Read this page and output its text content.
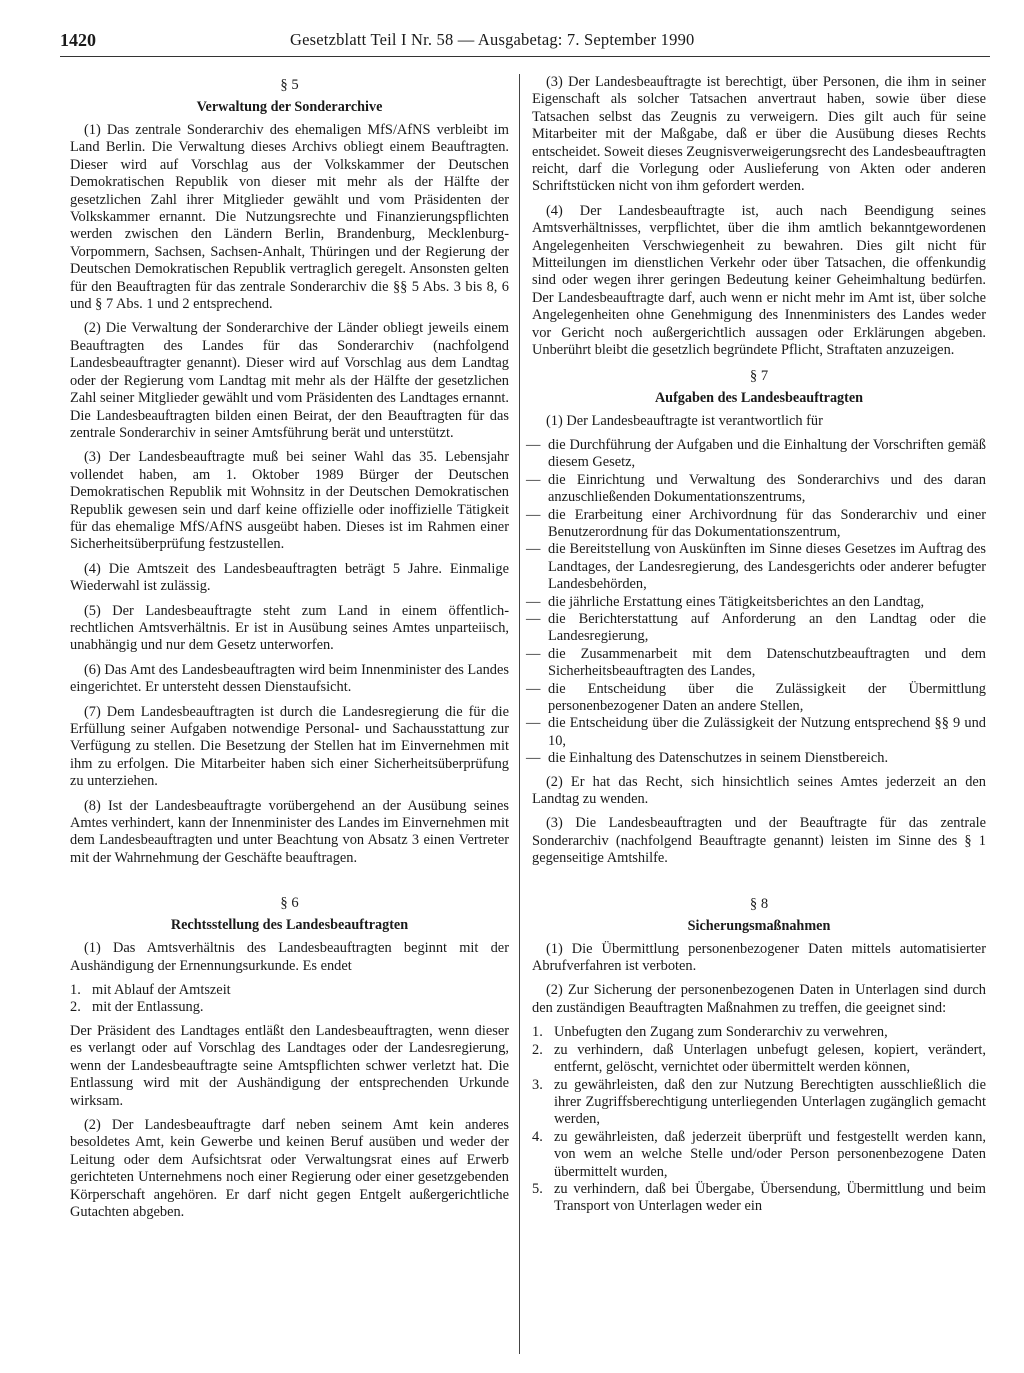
1420	Gesetzblatt Teil I Nr. 58 — Ausgabetag: 7. September 1990
§ 5
Verwaltung der Sonderarchive

(1) Das zentrale Sonderarchiv des ehemaligen MfS/AfNS verbleibt im Land Berlin. Die Verwaltung dieses Archivs obliegt einem Beauftragten. Dieser wird auf Vorschlag aus der Volkskammer der Deutschen Demokratischen Republik von dieser mit mehr als der Hälfte der gesetzlichen Zahl ihrer Mitglieder gewählt und vom Präsidenten der Volkskammer ernannt. Die Nutzungsrechte und Finanzierungspflichten werden zwischen den Ländern Berlin, Brandenburg, Mecklenburg-Vorpommern, Sachsen, Sachsen-Anhalt, Thüringen und der Regierung der Deutschen Demokratischen Republik vertraglich geregelt. Ansonsten gelten für den Beauftragten für das zentrale Sonderarchiv die §§ 5 Abs. 3 bis 8, 6 und § 7 Abs. 1 und 2 entsprechend.

(2) Die Verwaltung der Sonderarchive der Länder obliegt jeweils einem Beauftragten des Landes für das Sonderarchiv (nachfolgend Landesbeauftragter genannt). Dieser wird auf Vorschlag aus dem Landtag oder der Regierung vom Landtag mit mehr als der Hälfte der gesetzlichen Zahl seiner Mitglieder gewählt und vom Präsidenten des Landtages ernannt. Die Landesbeauftragten bilden einen Beirat, der den Beauftragten für das zentrale Sonderarchiv in seiner Amtsführung berät und unterstützt.

(3) Der Landesbeauftragte muß bei seiner Wahl das 35. Lebensjahr vollendet haben, am 1. Oktober 1989 Bürger der Deutschen Demokratischen Republik mit Wohnsitz in der Deutschen Demokratischen Republik gewesen sein und darf keine offizielle oder inoffizielle Tätigkeit für das ehemalige MfS/AfNS ausgeübt haben. Dieses ist im Rahmen einer Sicherheitsüberprüfung festzustellen.

(4) Die Amtszeit des Landesbeauftragten beträgt 5 Jahre. Einmalige Wiederwahl ist zulässig.

(5) Der Landesbeauftragte steht zum Land in einem öffentlich-rechtlichen Amtsverhältnis. Er ist in Ausübung seines Amtes unparteiisch, unabhängig und nur dem Gesetz unterworfen.

(6) Das Amt des Landesbeauftragten wird beim Innenminister des Landes eingerichtet. Er untersteht dessen Dienstaufsicht.

(7) Dem Landesbeauftragten ist durch die Landesregierung die für die Erfüllung seiner Aufgaben notwendige Personal- und Sachausstattung zur Verfügung zu stellen. Die Besetzung der Stellen hat im Einvernehmen mit ihm zu erfolgen. Die Mitarbeiter haben sich einer Sicherheitsüberprüfung zu unterziehen.

(8) Ist der Landesbeauftragte vorübergehend an der Ausübung seines Amtes verhindert, kann der Innenminister des Landes im Einvernehmen mit dem Landesbeauftragten und unter Beachtung von Absatz 3 einen Vertreter mit der Wahrnehmung der Geschäfte beauftragen.

§ 6
Rechtsstellung des Landesbeauftragten

(1) Das Amtsverhältnis des Landesbeauftragten beginnt mit der Aushändigung der Ernennungsurkunde. Es endet

1. mit Ablauf der Amtszeit
2. mit der Entlassung.

Der Präsident des Landtages entläßt den Landesbeauftragten, wenn dieser es verlangt oder auf Vorschlag des Landtages oder der Landesregierung, wenn der Landesbeauftragte seine Amtspflichten schwer verletzt hat. Die Entlassung wird mit der Aushändigung der entsprechenden Urkunde wirksam.

(2) Der Landesbeauftragte darf neben seinem Amt kein anderes besoldetes Amt, kein Gewerbe und keinen Beruf ausüben und weder der Leitung oder dem Aufsichtsrat oder Verwaltungsrat eines auf Erwerb gerichteten Unternehmens noch einer Regierung oder einer gesetzgebenden Körperschaft angehören. Er darf nicht gegen Entgelt außergerichtliche Gutachten abgeben.

(3) Der Landesbeauftragte ist berechtigt, über Personen, die ihm in seiner Eigenschaft als solcher Tatsachen anvertraut haben, sowie über diese Tatsachen selbst das Zeugnis zu verweigern. Dies gilt auch für seine Mitarbeiter mit der Maßgabe, daß er über die Ausübung dieses Rechts entscheidet. Soweit dieses Zeugnisverweigerungsrecht des Landesbeauftragten reicht, darf die Vorlegung oder Auslieferung von Akten oder anderen Schriftstücken nicht von ihm gefordert werden.

(4) Der Landesbeauftragte ist, auch nach Beendigung seines Amtsverhältnisses, verpflichtet, über die ihm amtlich bekanntgewordenen Angelegenheiten Verschwiegenheit zu bewahren. Dies gilt nicht für Mitteilungen im dienstlichen Verkehr oder über Tatsachen, die offenkundig sind oder wegen ihrer geringen Bedeutung keiner Geheimhaltung bedürfen. Der Landesbeauftragte darf, auch wenn er nicht mehr im Amt ist, über solche Angelegenheiten ohne Genehmigung des Innenministers des Landes weder vor Gericht noch außergerichtlich aussagen oder Erklärungen abgeben. Unberührt bleibt die gesetzlich begründete Pflicht, Straftaten anzuzeigen.

§ 7
Aufgaben des Landesbeauftragten

(1) Der Landesbeauftragte ist verantwortlich für

— die Durchführung der Aufgaben und die Einhaltung der Vorschriften gemäß diesem Gesetz,
— die Einrichtung und Verwaltung des Sonderarchivs und des daran anzuschließenden Dokumentationszentrums,
— die Erarbeitung einer Archivordnung für das Sonderarchiv und einer Benutzerordnung für das Dokumentationszentrum,
— die Bereitstellung von Auskünften im Sinne dieses Gesetzes im Auftrag des Landtages, der Landesregierung, des Landesgerichts oder anderer befugter Landesbehörden,
— die jährliche Erstattung eines Tätigkeitsberichtes an den Landtag,
— die Berichterstattung auf Anforderung an den Landtag oder die Landesregierung,
— die Zusammenarbeit mit dem Datenschutzbeauftragten und dem Sicherheitsbeauftragten des Landes,
— die Entscheidung über die Zulässigkeit der Übermittlung personenbezogener Daten an andere Stellen,
— die Entscheidung über die Zulässigkeit der Nutzung entsprechend §§ 9 und 10,
— die Einhaltung des Datenschutzes in seinem Dienstbereich.

(2) Er hat das Recht, sich hinsichtlich seines Amtes jederzeit an den Landtag zu wenden.

(3) Die Landesbeauftragten und der Beauftragte für das zentrale Sonderarchiv (nachfolgend Beauftragte genannt) leisten im Sinne des § 1 gegenseitige Amtshilfe.

§ 8
Sicherungsmaßnahmen

(1) Die Übermittlung personenbezogener Daten mittels automatisierter Abrufverfahren ist verboten.

(2) Zur Sicherung der personenbezogenen Daten in Unterlagen sind durch den zuständigen Beauftragten Maßnahmen zu treffen, die geeignet sind:

1. Unbefugten den Zugang zum Sonderarchiv zu verwehren,
2. zu verhindern, daß Unterlagen unbefugt gelesen, kopiert, verändert, entfernt, gelöscht, vernichtet oder übermittelt werden können,
3. zu gewährleisten, daß den zur Nutzung Berechtigten ausschließlich die ihrer Zugriffsberechtigung unterliegenden Unterlagen zugänglich gemacht werden,
4. zu gewährleisten, daß jederzeit überprüft und festgestellt werden kann, von wem an welche Stelle und/oder Person personenbezogene Daten übermittelt wurden,
5. zu verhindern, daß bei Übergabe, Übersendung, Übermittlung und beim Transport von Unterlagen weder ein
